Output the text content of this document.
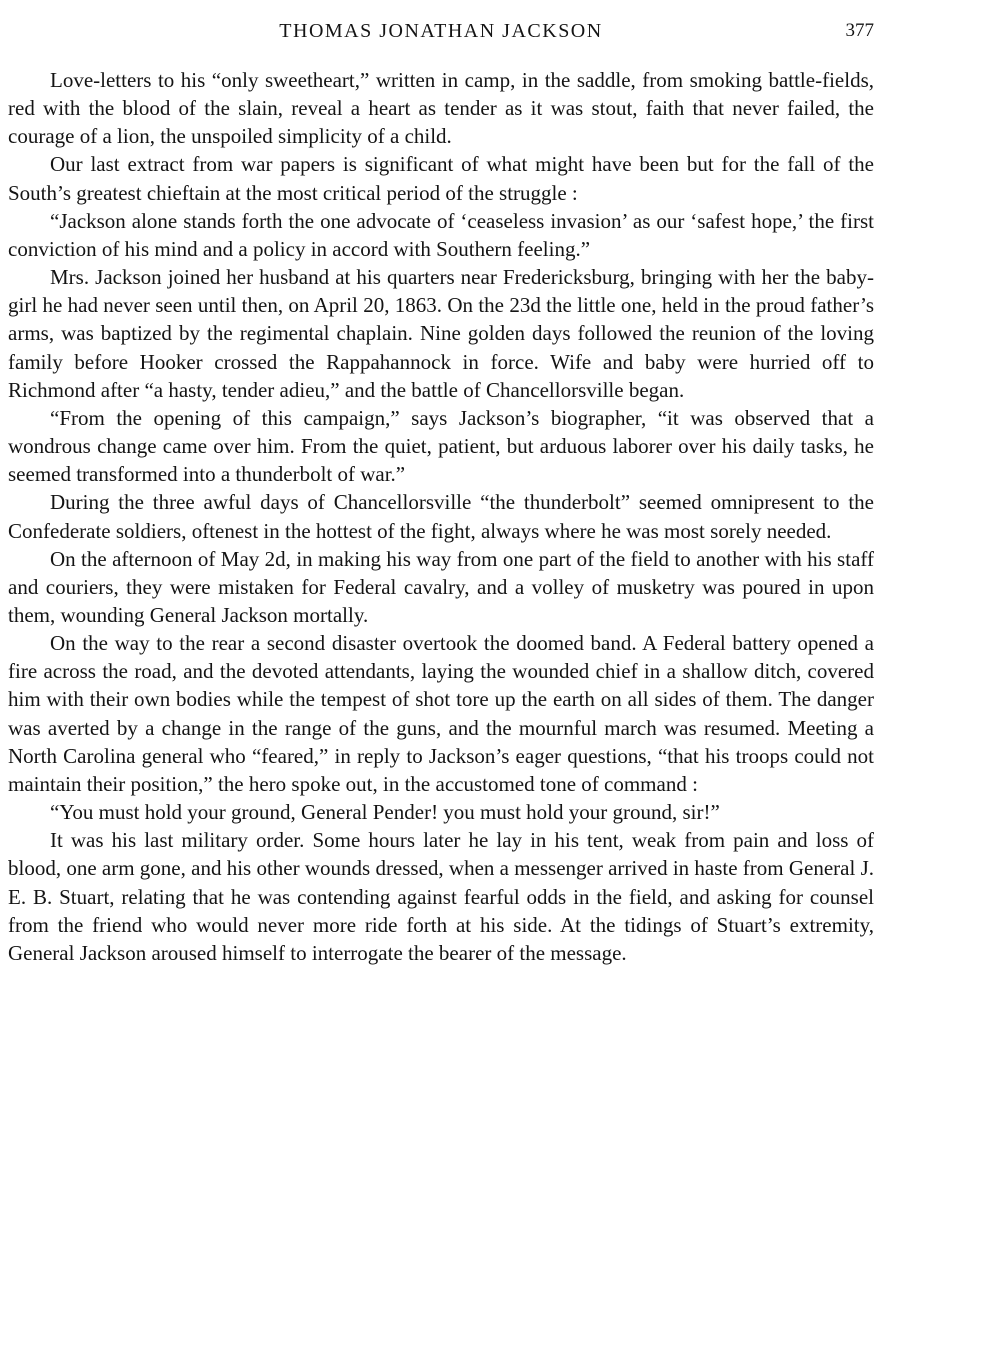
THOMAS JONATHAN JACKSON	377

Love-letters to his “only sweetheart,” written in camp, in the saddle, from smoking battle-fields, red with the blood of the slain, reveal a heart as tender as it was stout, faith that never failed, the courage of a lion, the unspoiled simplicity of a child.

Our last extract from war papers is significant of what might have been but for the fall of the South’s greatest chieftain at the most critical period of the struggle :

“Jackson alone stands forth the one advocate of ‘ceaseless invasion’ as our ‘safest hope,’ the first conviction of his mind and a policy in accord with Southern feeling.”

Mrs. Jackson joined her husband at his quarters near Fredericksburg, bringing with her the baby-girl he had never seen until then, on April 20, 1863. On the 23d the little one, held in the proud father’s arms, was baptized by the regimental chaplain. Nine golden days followed the reunion of the loving family before Hooker crossed the Rappahannock in force. Wife and baby were hurried off to Richmond after “a hasty, tender adieu,” and the battle of Chancellorsville began.

“From the opening of this campaign,” says Jackson’s biographer, “it was observed that a wondrous change came over him. From the quiet, patient, but arduous laborer over his daily tasks, he seemed transformed into a thunderbolt of war.”

During the three awful days of Chancellorsville “the thunderbolt” seemed omnipresent to the Confederate soldiers, oftenest in the hottest of the fight, always where he was most sorely needed.

On the afternoon of May 2d, in making his way from one part of the field to another with his staff and couriers, they were mistaken for Federal cavalry, and a volley of musketry was poured in upon them, wounding General Jackson mortally.

On the way to the rear a second disaster overtook the doomed band. A Federal battery opened a fire across the road, and the devoted attendants, laying the wounded chief in a shallow ditch, covered him with their own bodies while the tempest of shot tore up the earth on all sides of them. The danger was averted by a change in the range of the guns, and the mournful march was resumed. Meeting a North Carolina general who “feared,” in reply to Jackson’s eager questions, “that his troops could not maintain their position,” the hero spoke out, in the accustomed tone of command :

“You must hold your ground, General Pender! you must hold your ground, sir!”

It was his last military order. Some hours later he lay in his tent, weak from pain and loss of blood, one arm gone, and his other wounds dressed, when a messenger arrived in haste from General J. E. B. Stuart, relating that he was contending against fearful odds in the field, and asking for counsel from the friend who would never more ride forth at his side. At the tidings of Stuart’s extremity, General Jackson aroused himself to interrogate the bearer of the message.
